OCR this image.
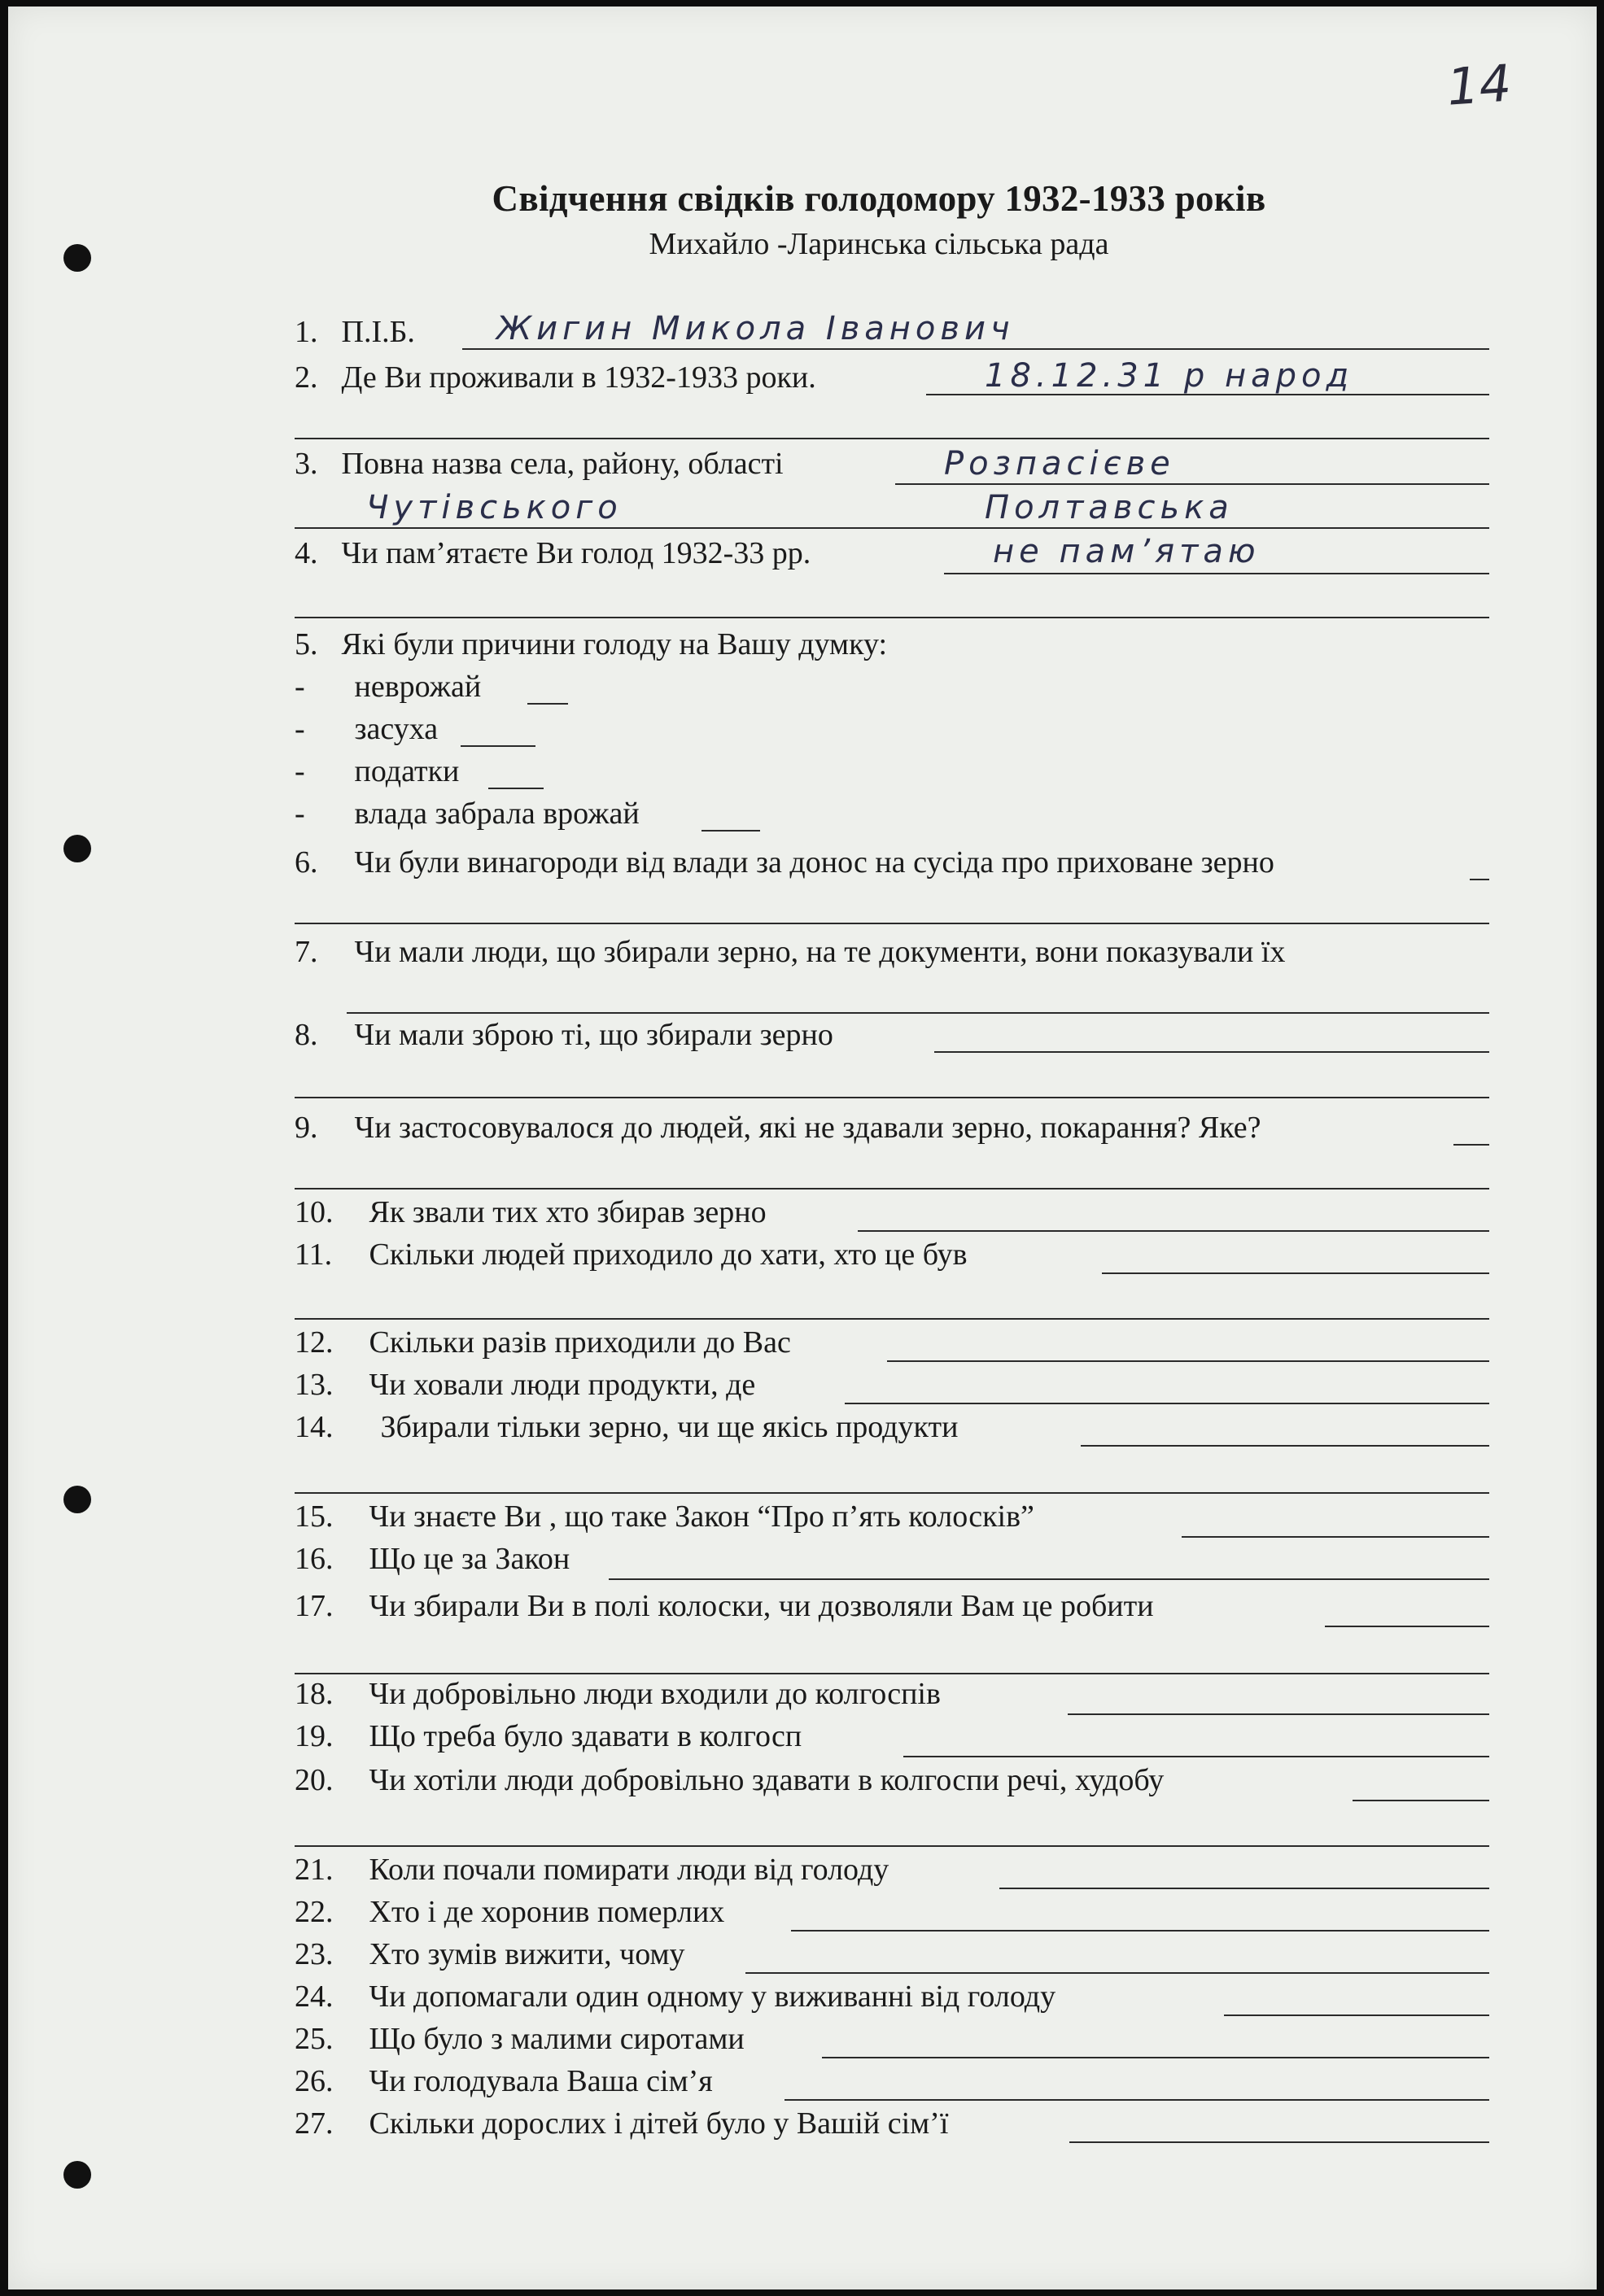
14
Свідчення свідків голодомору 1932-1933 років
Михайло -Ларинська сільська рада
1. П.І.Б.	Жигин Микола Іванович
2. Де Ви проживали в 1932-1933 роки.	18.12.31 р народ
3. Повна назва села, району, області	Розпасієве
Чутівського	Полтавська
4. Чи пам’ятаєте Ви голод 1932-33 рр.	не пам’ятаю
5. Які були причини голоду на Вашу думку:
- неврожай
- засуха
- податки
- влада забрала врожай
6. Чи були винагороди від влади за донос на сусіда про приховане зерно
7. Чи мали люди, що збирали зерно, на те документи, вони показували їх
8. Чи мали зброю ті, що збирали зерно
9. Чи застосовувалося до людей, які не здавали зерно, покарання? Яке?
10. Як звали тих хто збирав зерно
11. Скільки людей приходило до хати, хто це був
12. Скільки разів приходили до Вас
13. Чи ховали люди продукти, де
14. Збирали тільки зерно, чи ще якісь продукти
15. Чи знаєте Ви , що таке Закон “Про п’ять колосків”
16. Що це за Закон
17. Чи збирали Ви в полі колоски, чи дозволяли Вам це робити
18. Чи добровільно люди входили до колгоспів
19. Що треба було здавати в колгосп
20. Чи хотіли люди добровільно здавати в колгоспи речі, худобу
21. Коли почали помирати люди від голоду
22. Хто і де хоронив померлих
23. Хто зумів вижити, чому
24. Чи допомагали один одному у виживанні від голоду
25. Що було з малими сиротами
26. Чи голодувала Ваша сім’я
27. Скільки дорослих і дітей було у Вашій сім’ї
